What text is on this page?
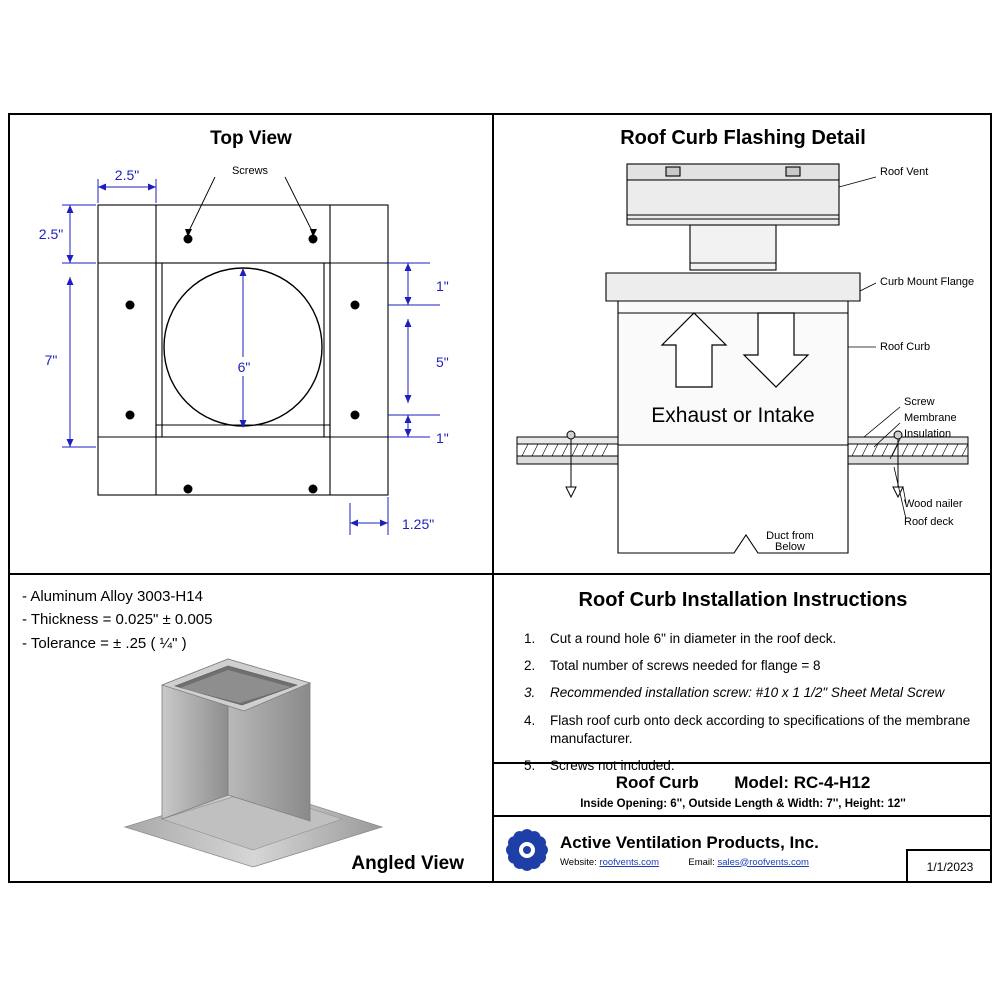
Top View
Screws
2.5"
2.5"
7"	6"
1"
5"
1"
1.25"
Roof Curb Flashing Detail
Exhaust or Intake
Duct from
Below
Roof Vent
Curb Mount Flange
Roof Curb
Screw
Membrane
Insulation
Wood nailer
Roof deck
- Aluminum Alloy 3003-H14
- Thickness = 0.025" ± 0.005
- Tolerance = ± .25 ( ¼" )
Angled View
Roof Curb Installation Instructions
1.	Cut a round hole 6" in diameter in the roof deck.
2.	Total number of screws needed for flange = 8
3.	Recommended installation screw: #10 x 1 1/2" Sheet Metal Screw
4.	Flash roof curb onto deck according to specifications of the membrane manufacturer.
5.	Screws not included.
Roof Curb Model: RC-4-H12
Inside Opening: 6'', Outside Length & Width: 7'', Height: 12''
Active Ventilation Products, Inc.
Website: roofvents.com	Email: sales@roofvents.com	1/1/2023
